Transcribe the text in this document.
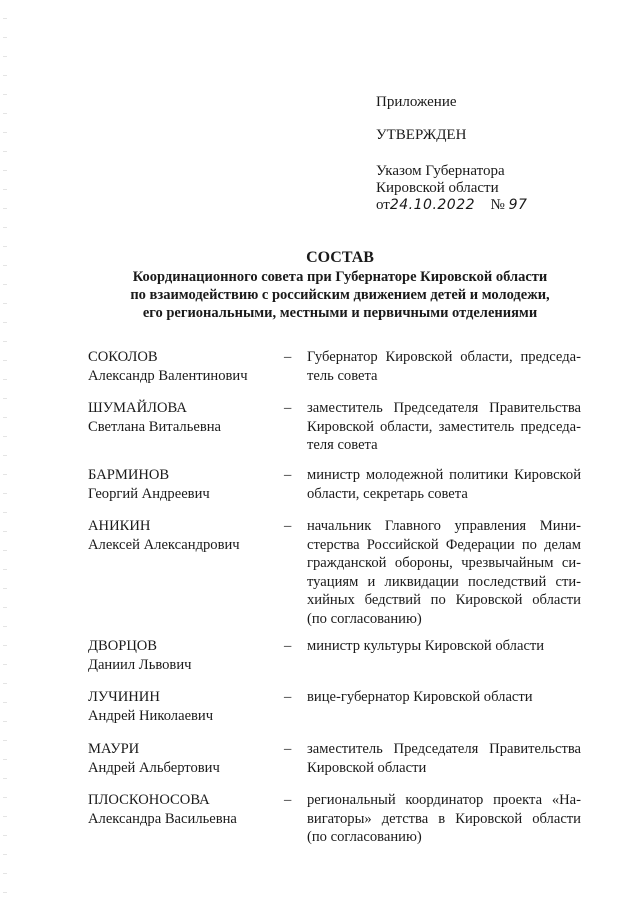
Приложение
УТВЕРЖДЕН
Указом Губернатора
Кировской области
от24.10.2022 № 97
СОСТАВ
Координационного совета при Губернаторе Кировской области
по взаимодействию с российским движением детей и молодежи,
его региональными, местными и первичными отделениями
СОКОЛОВ
Александр Валентинович
– Губернатор Кировской области, председа-
тель совета
ШУМАЙЛОВА
Светлана Витальевна
– заместитель Председателя Правительства
Кировской области, заместитель председа-
теля совета
БАРМИНОВ
Георгий Андреевич
– министр молодежной политики Кировской
области, секретарь совета
АНИКИН
Алексей Александрович
– начальник Главного управления Мини-
стерства Российской Федерации по делам
гражданской обороны, чрезвычайным си-
туациям и ликвидации последствий сти-
хийных бедствий по Кировской области
(по согласованию)
ДВОРЦОВ
Даниил Львович
– министр культуры Кировской области
ЛУЧИНИН
Андрей Николаевич
– вице-губернатор Кировской области
МАУРИ
Андрей Альбертович
– заместитель Председателя Правительства
Кировской области
ПЛОСКОНОСОВА
Александра Васильевна
– региональный координатор проекта «На-
вигаторы» детства в Кировской области
(по согласованию)
